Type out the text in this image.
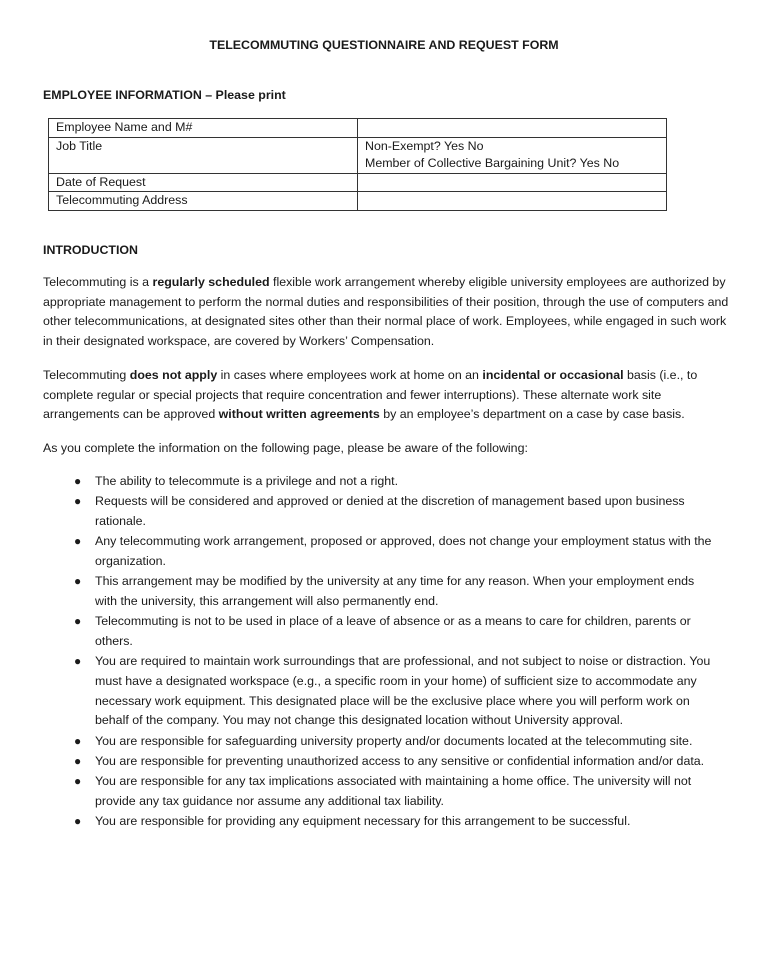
TELECOMMUTING QUESTIONNAIRE AND REQUEST FORM
EMPLOYEE INFORMATION – Please print
Employee Name and M#	
Job Title	Non-Exempt? Yes No
Member of Collective Bargaining Unit? Yes No

Date of Request	
Telecommuting Address	
INTRODUCTION

Telecommuting is a regularly scheduled flexible work arrangement whereby eligible university employees are authorized by appropriate management to perform the normal duties and responsibilities of their position, through the use of computers and other telecommunications, at designated sites other than their normal place of work. Employees, while engaged in such work in their designated workspace, are covered by Workers’ Compensation.

Telecommuting does not apply in cases where employees work at home on an incidental or occasional basis (i.e., to complete regular or special projects that require concentration and fewer interruptions). These alternate work site arrangements can be approved without written agreements by an employee’s department on a case by case basis.

As you complete the information on the following page, please be aware of the following:

● The ability to telecommute is a privilege and not a right.
● Requests will be considered and approved or denied at the discretion of management based upon business rationale.
● Any telecommuting work arrangement, proposed or approved, does not change your employment status with the organization.
● This arrangement may be modified by the university at any time for any reason. When your employment ends with the university, this arrangement will also permanently end.
● Telecommuting is not to be used in place of a leave of absence or as a means to care for children, parents or others.
● You are required to maintain work surroundings that are professional, and not subject to noise or distraction. You must have a designated workspace (e.g., a specific room in your home) of sufficient size to accommodate any necessary work equipment. This designated place will be the exclusive place where you will perform work on behalf of the company. You may not change this designated location without University approval.
● You are responsible for safeguarding university property and/or documents located at the telecommuting site.
● You are responsible for preventing unauthorized access to any sensitive or confidential information and/or data.
● You are responsible for any tax implications associated with maintaining a home office. The university will not provide any tax guidance nor assume any additional tax liability.
● You are responsible for providing any equipment necessary for this arrangement to be successful.
